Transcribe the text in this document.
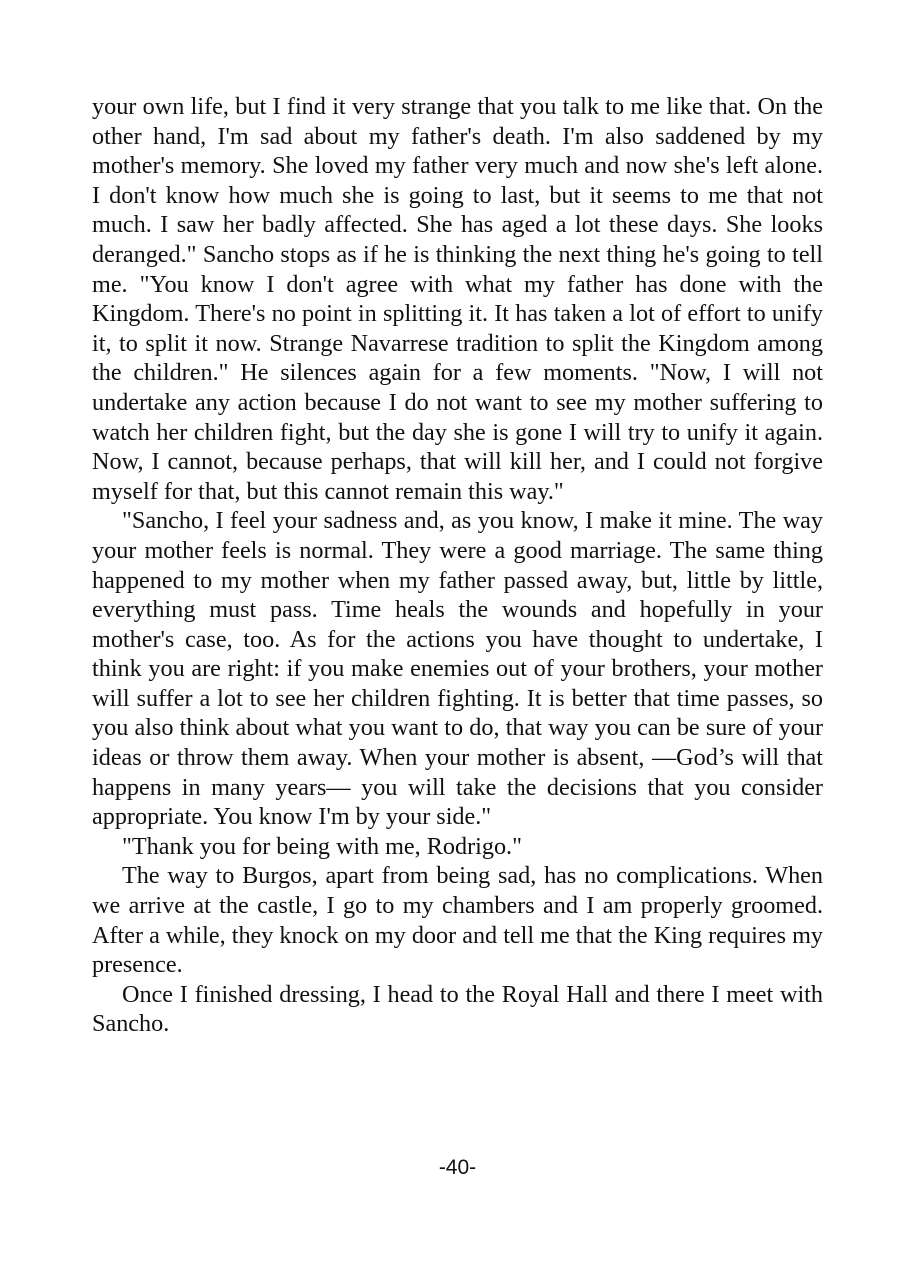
your own life, but I find it very strange that you talk to me like that. On the other hand, I'm sad about my father's death. I'm also saddened by my mother's memory. She loved my father very much and now she's left alone. I don't know how much she is going to last, but it seems to me that not much. I saw her badly affected. She has aged a lot these days. She looks deranged." Sancho stops as if he is thinking the next thing he's going to tell me. "You know I don't agree with what my father has done with the Kingdom. There's no point in splitting it. It has taken a lot of effort to unify it, to split it now. Strange Navarrese tradition to split the Kingdom among the children." He silences again for a few moments. "Now, I will not undertake any action because I do not want to see my mother suffering to watch her children fight, but the day she is gone I will try to unify it again. Now, I cannot, because perhaps, that will kill her, and I could not forgive myself for that, but this cannot remain this way."

"Sancho, I feel your sadness and, as you know, I make it mine. The way your mother feels is normal. They were a good marriage. The same thing happened to my mother when my father passed away, but, little by little, everything must pass. Time heals the wounds and hopefully in your mother's case, too. As for the actions you have thought to undertake, I think you are right: if you make enemies out of your brothers, your mother will suffer a lot to see her children fighting. It is better that time passes, so you also think about what you want to do, that way you can be sure of your ideas or throw them away. When your mother is absent, ―God’s will that happens in many years― you will take the decisions that you consider appropriate. You know I'm by your side."

"Thank you for being with me, Rodrigo."

The way to Burgos, apart from being sad, has no complications. When we arrive at the castle, I go to my chambers and I am properly groomed. After a while, they knock on my door and tell me that the King requires my presence.

Once I finished dressing, I head to the Royal Hall and there I meet with Sancho.

-40-
